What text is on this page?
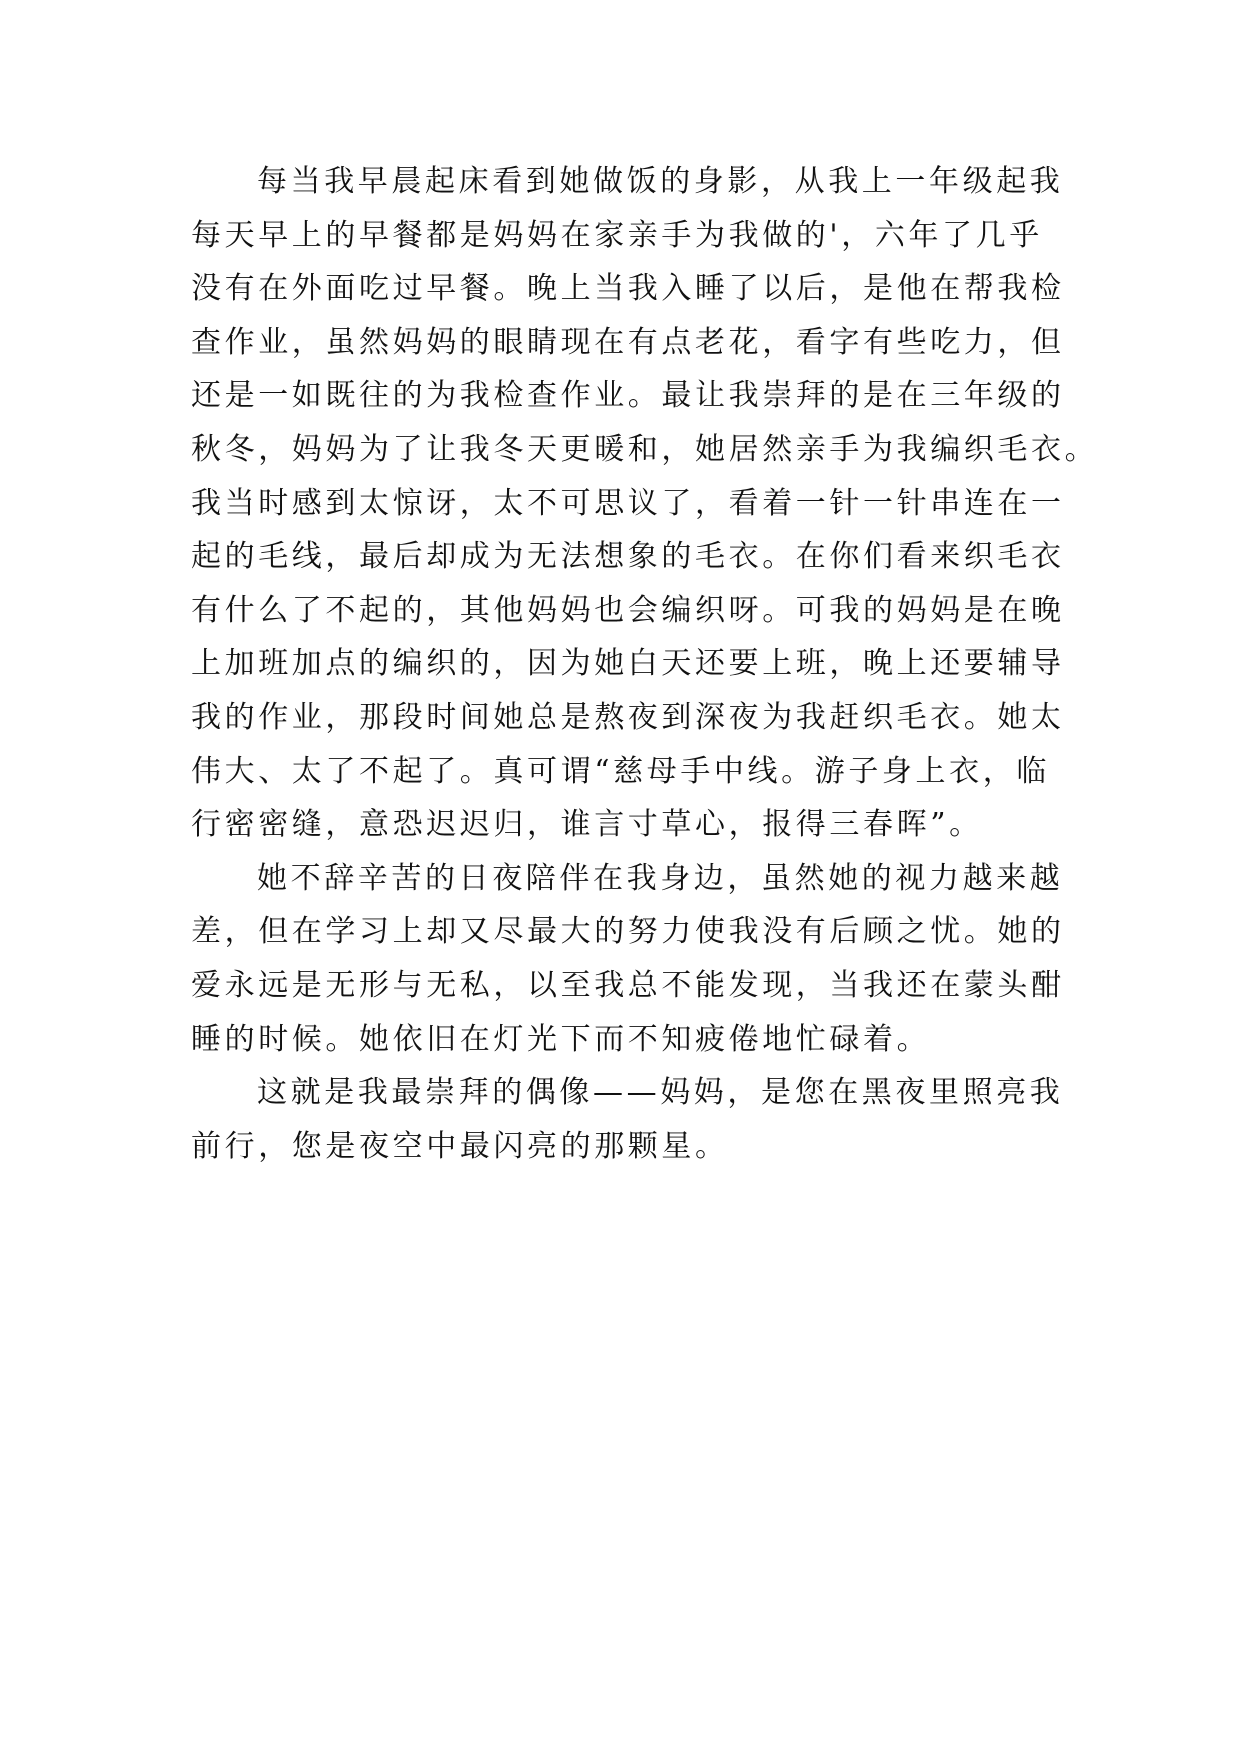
每当我早晨起床看到她做饭的身影，从我上一年级起我
每天早上的早餐都是妈妈在家亲手为我做的'，六年了几乎
没有在外面吃过早餐。晚上当我入睡了以后，是他在帮我检
查作业，虽然妈妈的眼睛现在有点老花，看字有些吃力，但
还是一如既往的为我检查作业。最让我崇拜的是在三年级的
秋冬，妈妈为了让我冬天更暖和，她居然亲手为我编织毛衣。
我当时感到太惊讶，太不可思议了，看着一针一针串连在一
起的毛线，最后却成为无法想象的毛衣。在你们看来织毛衣
有什么了不起的，其他妈妈也会编织呀。可我的妈妈是在晚
上加班加点的编织的，因为她白天还要上班，晚上还要辅导
我的作业，那段时间她总是熬夜到深夜为我赶织毛衣。她太
伟大、太了不起了。真可谓“慈母手中线。游子身上衣，临
行密密缝，意恐迟迟归，谁言寸草心，报得三春晖”。
她不辞辛苦的日夜陪伴在我身边，虽然她的视力越来越
差，但在学习上却又尽最大的努力使我没有后顾之忧。她的
爱永远是无形与无私，以至我总不能发现，当我还在蒙头酣
睡的时候。她依旧在灯光下而不知疲倦地忙碌着。
这就是我最崇拜的偶像——妈妈，是您在黑夜里照亮我
前行，您是夜空中最闪亮的那颗星。
